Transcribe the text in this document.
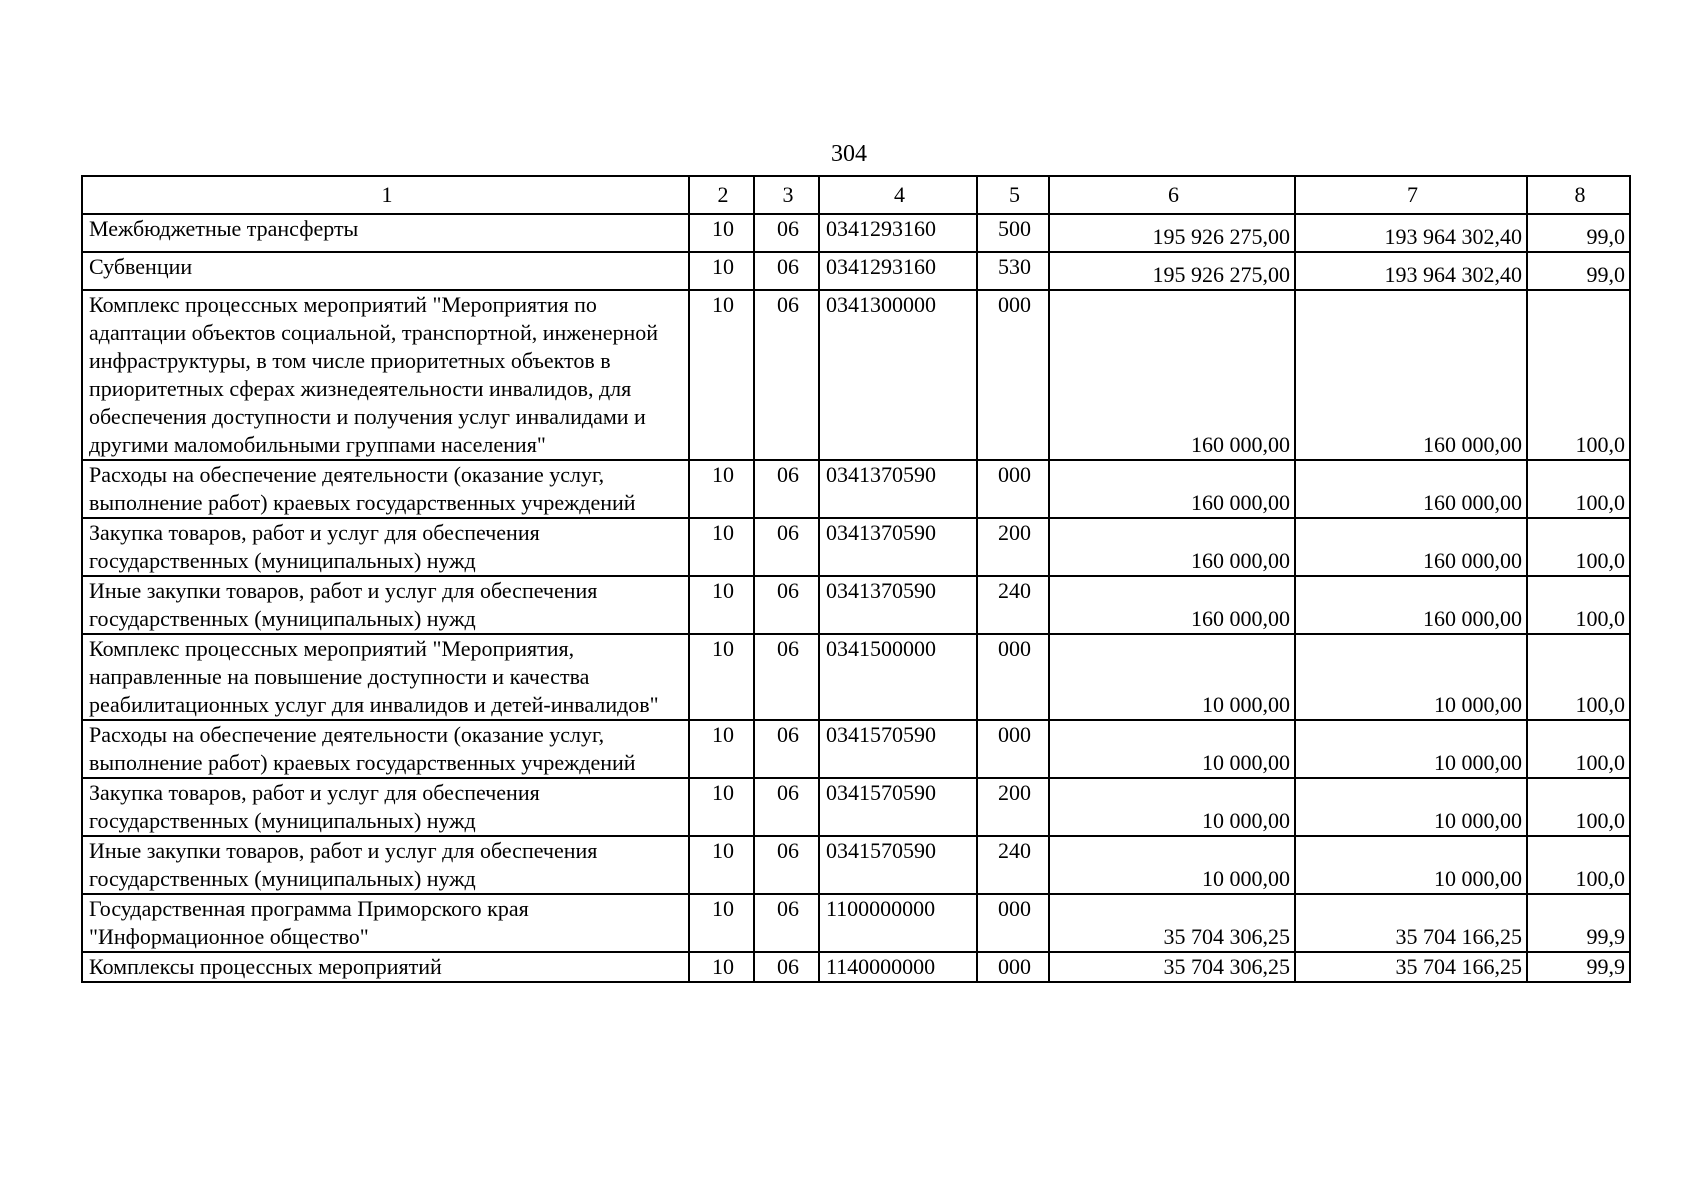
304
1	2	3	4	5	6	7	8
Межбюджетные трансферты	10	06	0341293160	500	195 926 275,00	193 964 302,40	99,0
Субвенции	10	06	0341293160	530	195 926 275,00	193 964 302,40	99,0
Комплекс процессных мероприятий "Мероприятия по адаптации объектов социальной, транспортной, инженерной инфраструктуры, в том числе приоритетных объектов в приоритетных сферах жизнедеятельности инвалидов, для обеспечения доступности и получения услуг инвалидами и другими маломобильными группами населения"	10	06	0341300000	000	160 000,00	160 000,00	100,0
Расходы на обеспечение деятельности (оказание услуг, выполнение работ) краевых государственных учреждений	10	06	0341370590	000	160 000,00	160 000,00	100,0
Закупка товаров, работ и услуг для обеспечения государственных (муниципальных) нужд	10	06	0341370590	200	160 000,00	160 000,00	100,0
Иные закупки товаров, работ и услуг для обеспечения государственных (муниципальных) нужд	10	06	0341370590	240	160 000,00	160 000,00	100,0
Комплекс процессных мероприятий "Мероприятия, направленные на повышение доступности и качества реабилитационных услуг для инвалидов и детей-инвалидов"	10	06	0341500000	000	10 000,00	10 000,00	100,0
Расходы на обеспечение деятельности (оказание услуг, выполнение работ) краевых государственных учреждений	10	06	0341570590	000	10 000,00	10 000,00	100,0
Закупка товаров, работ и услуг для обеспечения государственных (муниципальных) нужд	10	06	0341570590	200	10 000,00	10 000,00	100,0
Иные закупки товаров, работ и услуг для обеспечения государственных (муниципальных) нужд	10	06	0341570590	240	10 000,00	10 000,00	100,0
Государственная программа Приморского края "Информационное общество"	10	06	1100000000	000	35 704 306,25	35 704 166,25	99,9
Комплексы процессных мероприятий	10	06	1140000000	000	35 704 306,25	35 704 166,25	99,9
